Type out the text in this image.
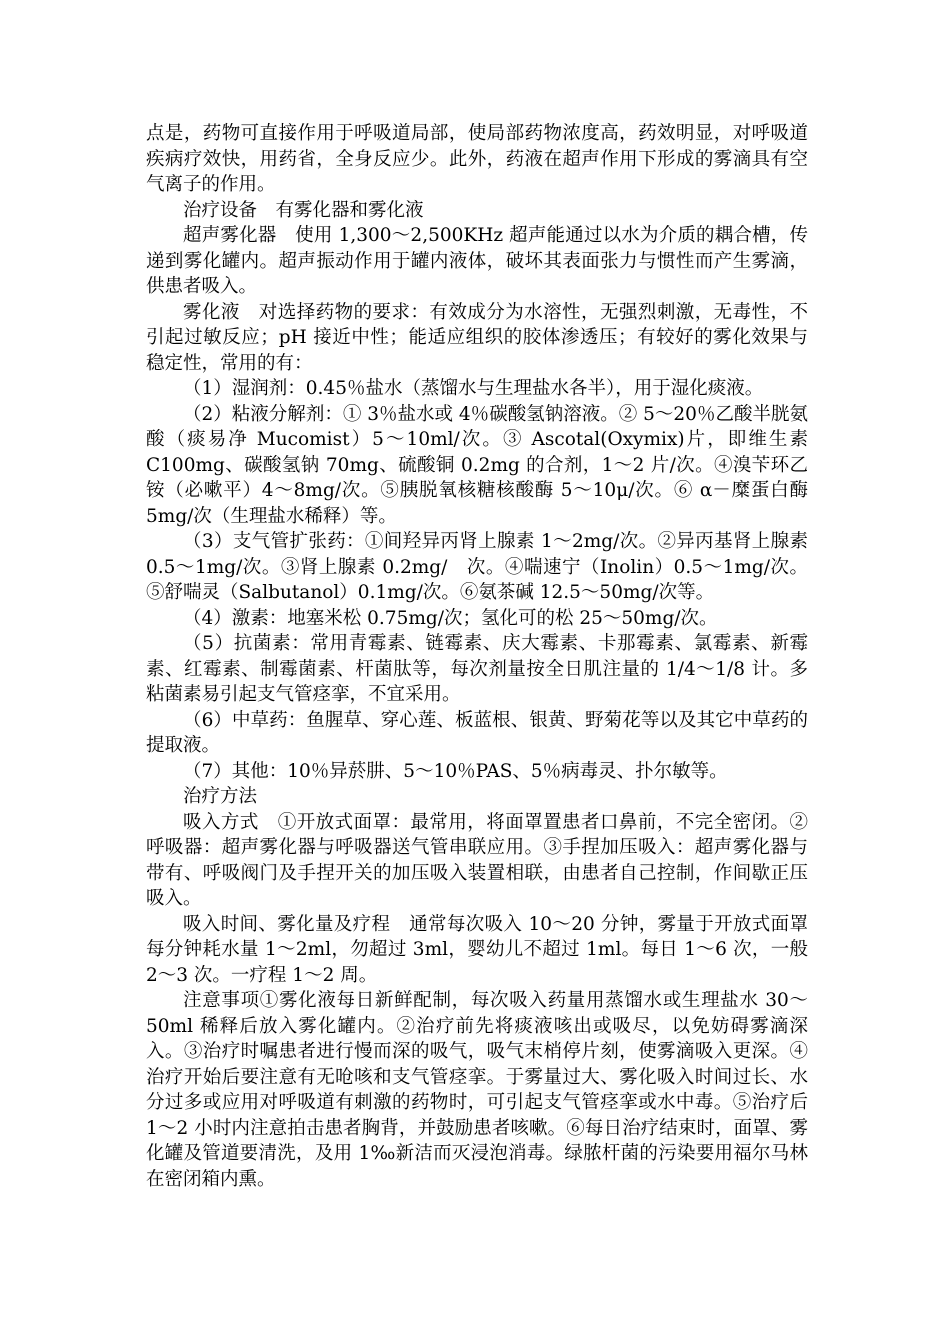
点是，药物可直接作用于呼吸道局部，使局部药物浓度高，药效明显，对呼吸道疾病疗效快，用药省，全身反应少。此外，药液在超声作用下形成的雾滴具有空气离子的作用。

治疗设备　有雾化器和雾化液

超声雾化器　使用 1,300～2,500KHz 超声能通过以水为介质的耦合槽，传递到雾化罐内。超声振动作用于罐内液体，破坏其表面张力与惯性而产生雾滴，供患者吸入。

雾化液　对选择药物的要求：有效成分为水溶性，无强烈刺激，无毒性，不引起过敏反应；pH 接近中性；能适应组织的胶体渗透压；有较好的雾化效果与稳定性，常用的有：

（1）湿润剂：0.45％盐水（蒸馏水与生理盐水各半），用于湿化痰液。

（2）粘液分解剂：① 3％盐水或 4％碳酸氢钠溶液。② 5～20％乙酸半胱氨酸（痰易净 Mucomist）5～10ml/次。③ Ascotal(Oxymix)片，即维生素 C100mg、碳酸氢钠 70mg、硫酸铜 0.2mg 的合剂，1～2 片/次。④溴苄环乙铵（必嗽平）4～8mg/次。⑤胰脱氧核糖核酸酶 5～10μ/次。⑥ α－糜蛋白酶 5mg/次（生理盐水稀释）等。

（3）支气管扩张药：①间羟异丙肾上腺素 1～2mg/次。②异丙基肾上腺素 0.5～1mg/次。③肾上腺素 0.2mg/　次。④喘速宁（Inolin）0.5～1mg/次。⑤舒喘灵（Salbutanol）0.1mg/次。⑥氨茶碱 12.5～50mg/次等。

（4）激素：地塞米松 0.75mg/次；氢化可的松 25～50mg/次。

（5）抗菌素：常用青霉素、链霉素、庆大霉素、卡那霉素、氯霉素、新霉素、红霉素、制霉菌素、杆菌肽等，每次剂量按全日肌注量的 1/4～1/8 计。多粘菌素易引起支气管痉挛，不宜采用。

（6）中草药：鱼腥草、穿心莲、板蓝根、银黄、野菊花等以及其它中草药的提取液。

（7）其他：10％异菸肼、5～10％PAS、5％病毒灵、扑尔敏等。

治疗方法

吸入方式　①开放式面罩：最常用，将面罩置患者口鼻前，不完全密闭。②呼吸器：超声雾化器与呼吸器送气管串联应用。③手捏加压吸入：超声雾化器与带有、呼吸阀门及手捏开关的加压吸入装置相联，由患者自己控制，作间歇正压吸入。

吸入时间、雾化量及疗程　通常每次吸入 10～20 分钟，雾量于开放式面罩每分钟耗水量 1～2ml，勿超过 3ml，婴幼儿不超过 1ml。每日 1～6 次，一般 2～3 次。一疗程 1～2 周。

注意事项①雾化液每日新鲜配制，每次吸入药量用蒸馏水或生理盐水 30～50ml 稀释后放入雾化罐内。②治疗前先将痰液咳出或吸尽，以免妨碍雾滴深入。③治疗时嘱患者进行慢而深的吸气，吸气末梢停片刻，使雾滴吸入更深。④治疗开始后要注意有无呛咳和支气管痉挛。于雾量过大、雾化吸入时间过长、水分过多或应用对呼吸道有刺激的药物时，可引起支气管痉挛或水中毒。⑤治疗后 1～2 小时内注意拍击患者胸背，并鼓励患者咳嗽。⑥每日治疗结束时，面罩、雾化罐及管道要清洗，及用 1‰新洁而灭浸泡消毒。绿脓杆菌的污染要用福尔马林在密闭箱内熏。
